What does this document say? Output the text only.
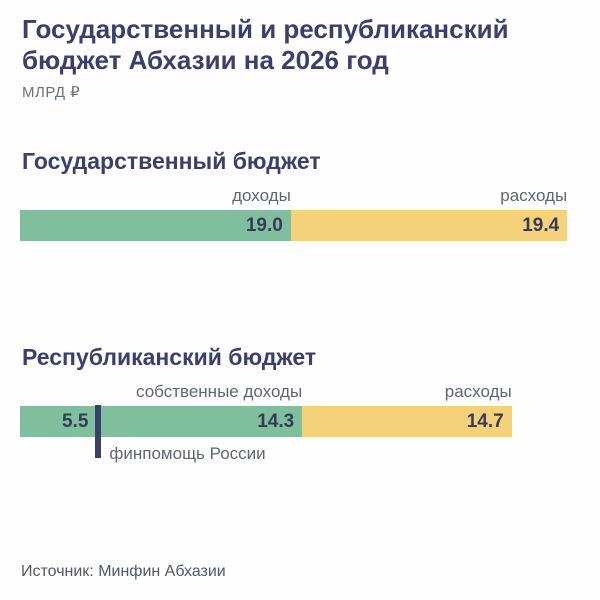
Государственный и республиканский
бюджет Абхазии на 2026 год
МЛРД ₽
Государственный бюджет
доходы	расходы
19.0	19.4
Республиканский бюджет
собственные доходы	расходы
5.5	14.3	14.7
финпомощь России
Источник: Минфин Абхазии
